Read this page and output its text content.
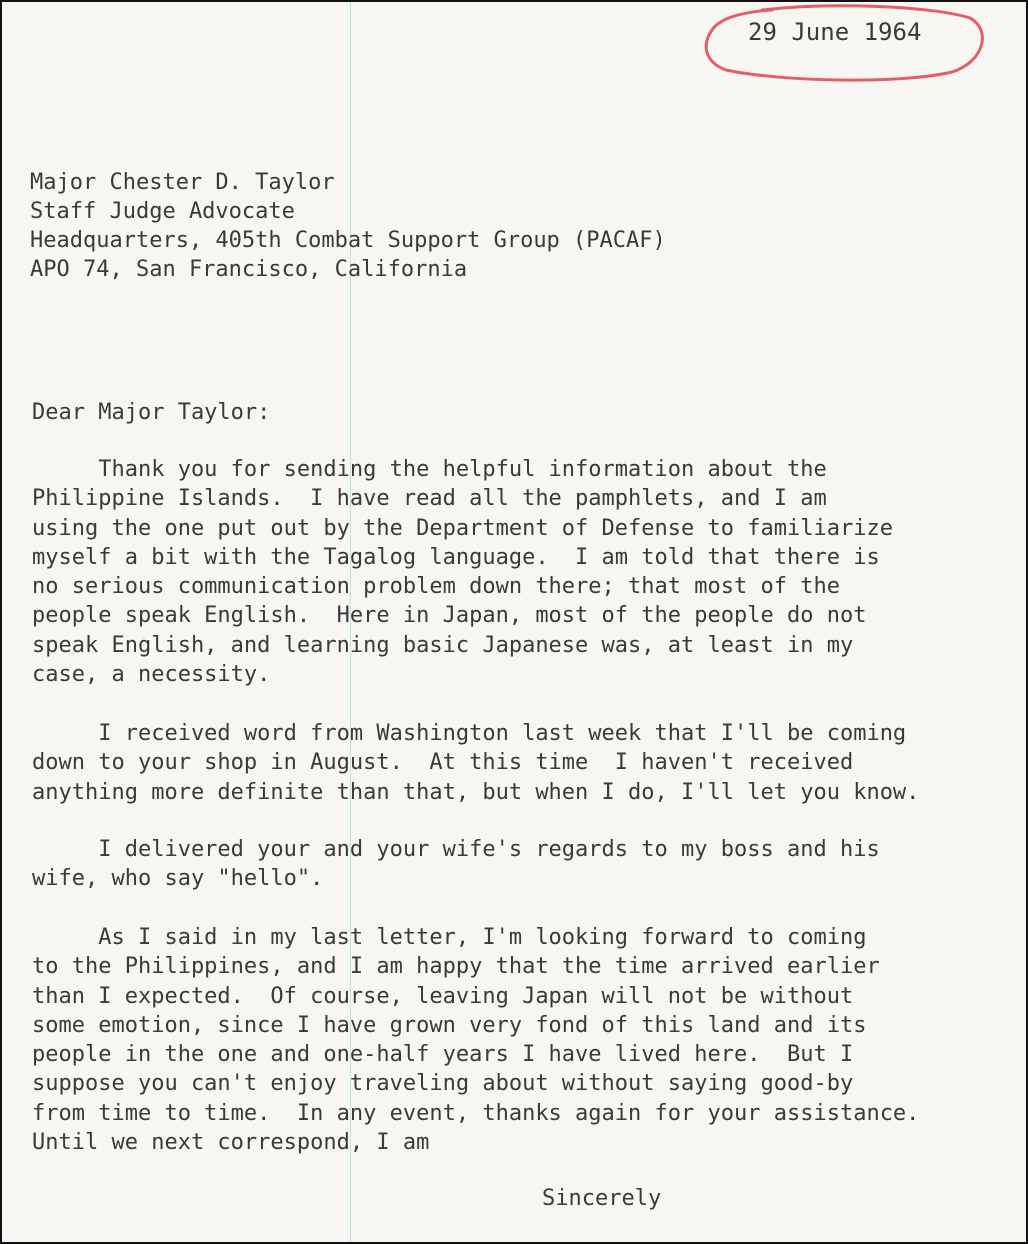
29 June 1964
Major Chester D. Taylor
Staff Judge Advocate
Headquarters, 405th Combat Support Group (PACAF)
APO 74, San Francisco, California
Dear Major Taylor:
Thank you for sending the helpful information about the
Philippine Islands.  I have read all the pamphlets, and I am
using the one put out by the Department of Defense to familiarize
myself a bit with the Tagalog language.  I am told that there is
no serious communication problem down there; that most of the
people speak English.  Here in Japan, most of the people do not
speak English, and learning basic Japanese was, at least in my
case, a necessity.
I received word from Washington last week that I'll be coming
down to your shop in August.  At this time  I haven't received
anything more definite than that, but when I do, I'll let you know.
I delivered your and your wife's regards to my boss and his
wife, who say "hello".
As I said in my last letter, I'm looking forward to coming
to the Philippines, and I am happy that the time arrived earlier
than I expected.  Of course, leaving Japan will not be without
some emotion, since I have grown very fond of this land and its
people in the one and one-half years I have lived here.  But I
suppose you can't enjoy traveling about without saying good-by
from time to time.  In any event, thanks again for your assistance.
Until we next correspond, I am
Sincerely
